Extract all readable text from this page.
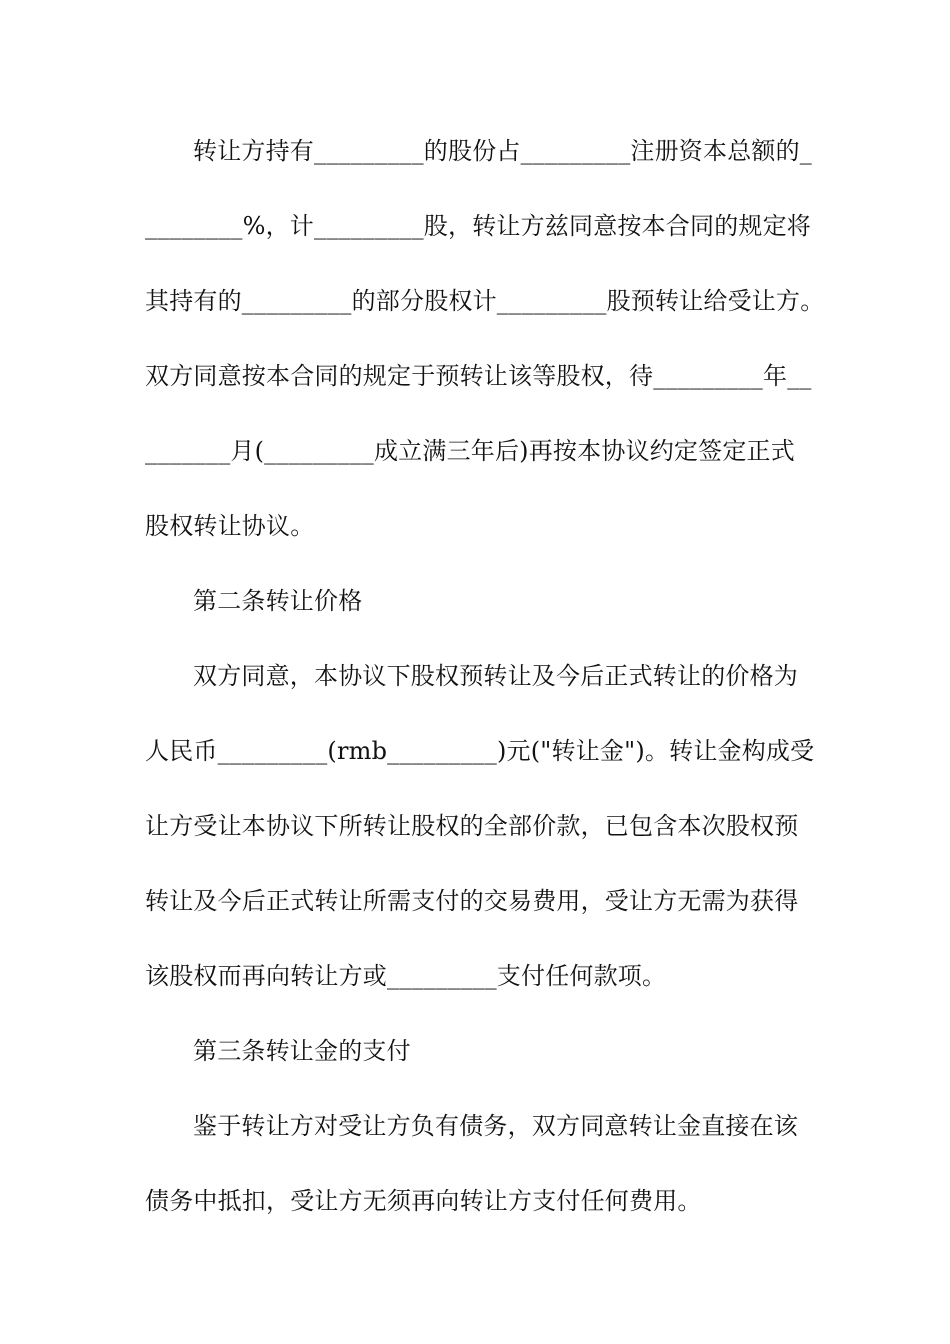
转让方持有_________的股份占_________注册资本总额的_
________%，计_________股，转让方兹同意按本合同的规定将
其持有的_________的部分股权计_________股预转让给受让方。
双方同意按本合同的规定于预转让该等股权，待_________年__
_______月(_________成立满三年后)再按本协议约定签定正式
股权转让协议。
第二条转让价格
双方同意，本协议下股权预转让及今后正式转让的价格为
人民币_________(rmb_________)元("转让金")。转让金构成受
让方受让本协议下所转让股权的全部价款，已包含本次股权预
转让及今后正式转让所需支付的交易费用，受让方无需为获得
该股权而再向转让方或_________支付任何款项。
第三条转让金的支付
鉴于转让方对受让方负有债务，双方同意转让金直接在该
债务中抵扣，受让方无须再向转让方支付任何费用。
